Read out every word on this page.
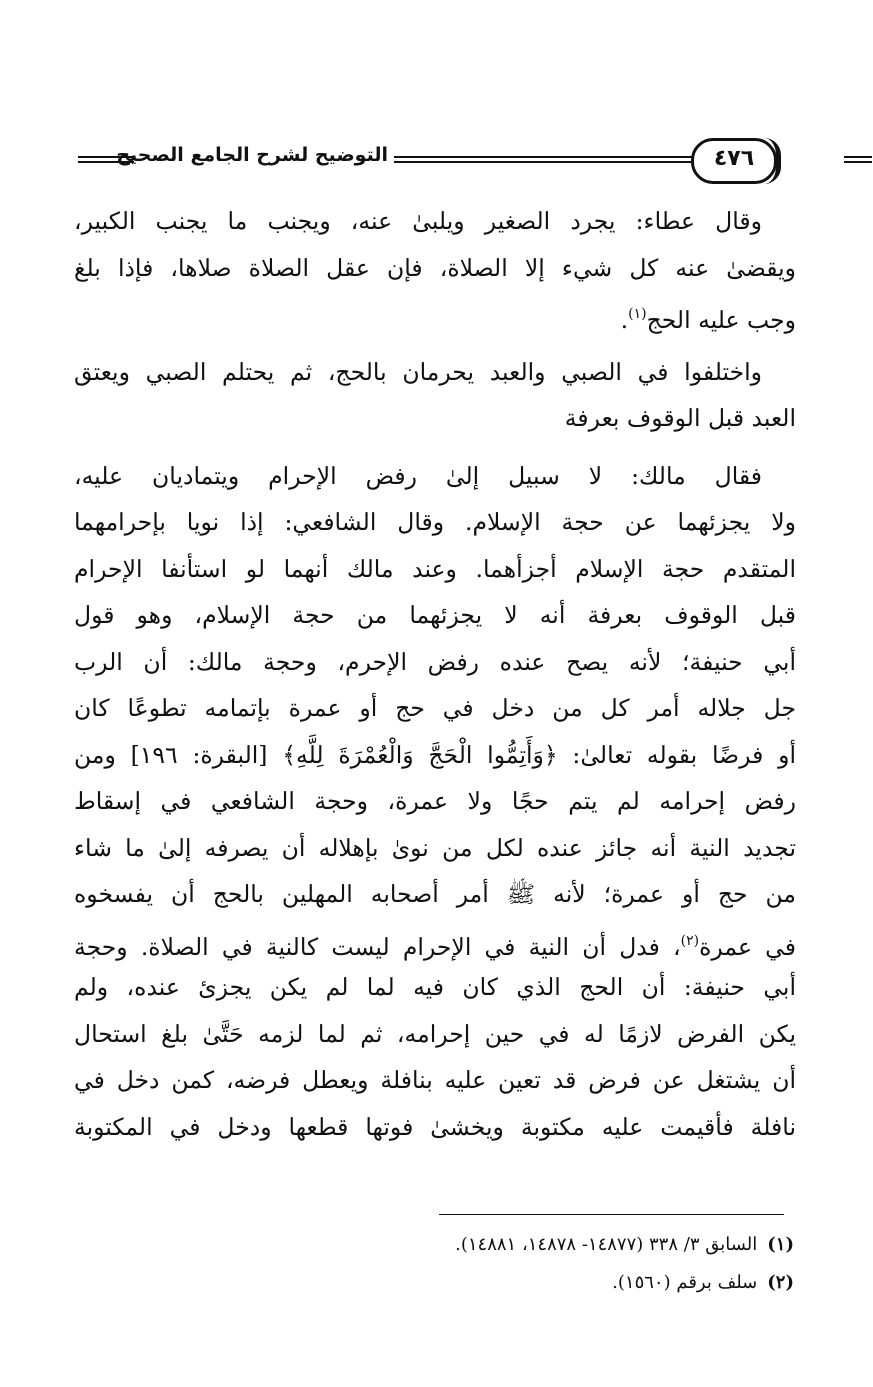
التوضيح لشرح الجامع الصحيح	٤٧٦
وقال عطاء: يجرد الصغير ويلبىٰ عنه، ويجنب ما يجنب الكبير،
ويقضىٰ عنه كل شيء إلا الصلاة، فإن عقل الصلاة صلاها، فإذا بلغ
وجب عليه الحج$^{(١)}$.
واختلفوا في الصبي والعبد يحرمان بالحج، ثم يحتلم الصبي ويعتق
العبد قبل الوقوف بعرفة
فقال مالك: لا سبيل إلىٰ رفض الإحرام ويتماديان عليه،
ولا يجزئهما عن حجة الإسلام. وقال الشافعي: إذا نويا بإحرامهما
المتقدم حجة الإسلام أجزأهما. وعند مالك أنهما لو استأنفا الإحرام
قبل الوقوف بعرفة أنه لا يجزئهما من حجة الإسلام، وهو قول
أبي حنيفة؛ لأنه يصح عنده رفض الإحرم، وحجة مالك: أن الرب
جل جلاله أمر كل من دخل في حج أو عمرة بإتمامه تطوعًا كان
أو فرضًا بقوله تعالىٰ: ﴿وَأَتِمُّوا الْحَجَّ وَالْعُمْرَةَ لِلَّهِ﴾ [البقرة: ١٩٦] ومن
رفض إحرامه لم يتم حجًا ولا عمرة، وحجة الشافعي في إسقاط
تجديد النية أنه جائز عنده لكل من نوىٰ بإهلاله أن يصرفه إلىٰ ما شاء
من حج أو عمرة؛ لأنه ﷺ أمر أصحابه المهلين بالحج أن يفسخوه
في عمرة$^{(٢)}$، فدل أن النية في الإحرام ليست كالنية في الصلاة. وحجة
أبي حنيفة: أن الحج الذي كان فيه لما لم يكن يجزئ عنده، ولم
يكن الفرض لازمًا له في حين إحرامه، ثم لما لزمه حَتَّىٰ بلغ استحال
أن يشتغل عن فرض قد تعين عليه بنافلة ويعطل فرضه، كمن دخل في
نافلة فأقيمت عليه مكتوبة ويخشىٰ فوتها قطعها ودخل في المكتوبة
(١)السابق ٣/ ٣٣٨ (١٤٨٧٧- ١٤٨٧٨، ١٤٨٨١).
(٢)سلف برقم (١٥٦٠).
